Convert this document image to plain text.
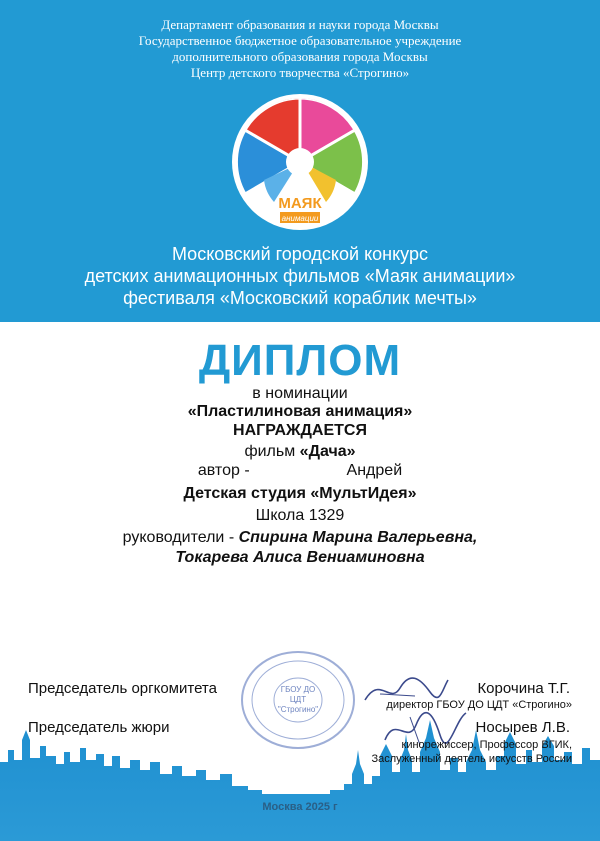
Департамент образования и науки города Москвы
Государственное бюджетное образовательное учреждение
дополнительного образования города Москвы
Центр детского творчества «Строгино»
МАЯК
анимации
Московский городской конкурс
детских анимационных фильмов «Маяк анимации»
фестиваля «Московский кораблик мечты»
ДИПЛОМ
в номинации
«Пластилиновая анимация»
НАГРАЖДАЕТСЯ
фильм «Дача»
автор -	Андрей
Детская студия «МультИдея»
Школа 1329
руководители - Спирина Марина Валерьевна,
Токарева Алиса Вениаминовна
ГБОУ ДО
ЦДТ
"Строгино"
Председатель оргкомитета	Корочина Т.Г.
директор ГБОУ ДО ЦДТ «Строгино»
Председатель жюри	Носырев Л.В.
кинорежиссер, Профессор ВГИК,
Заслуженный деятель искусств России
Москва 2025 г
